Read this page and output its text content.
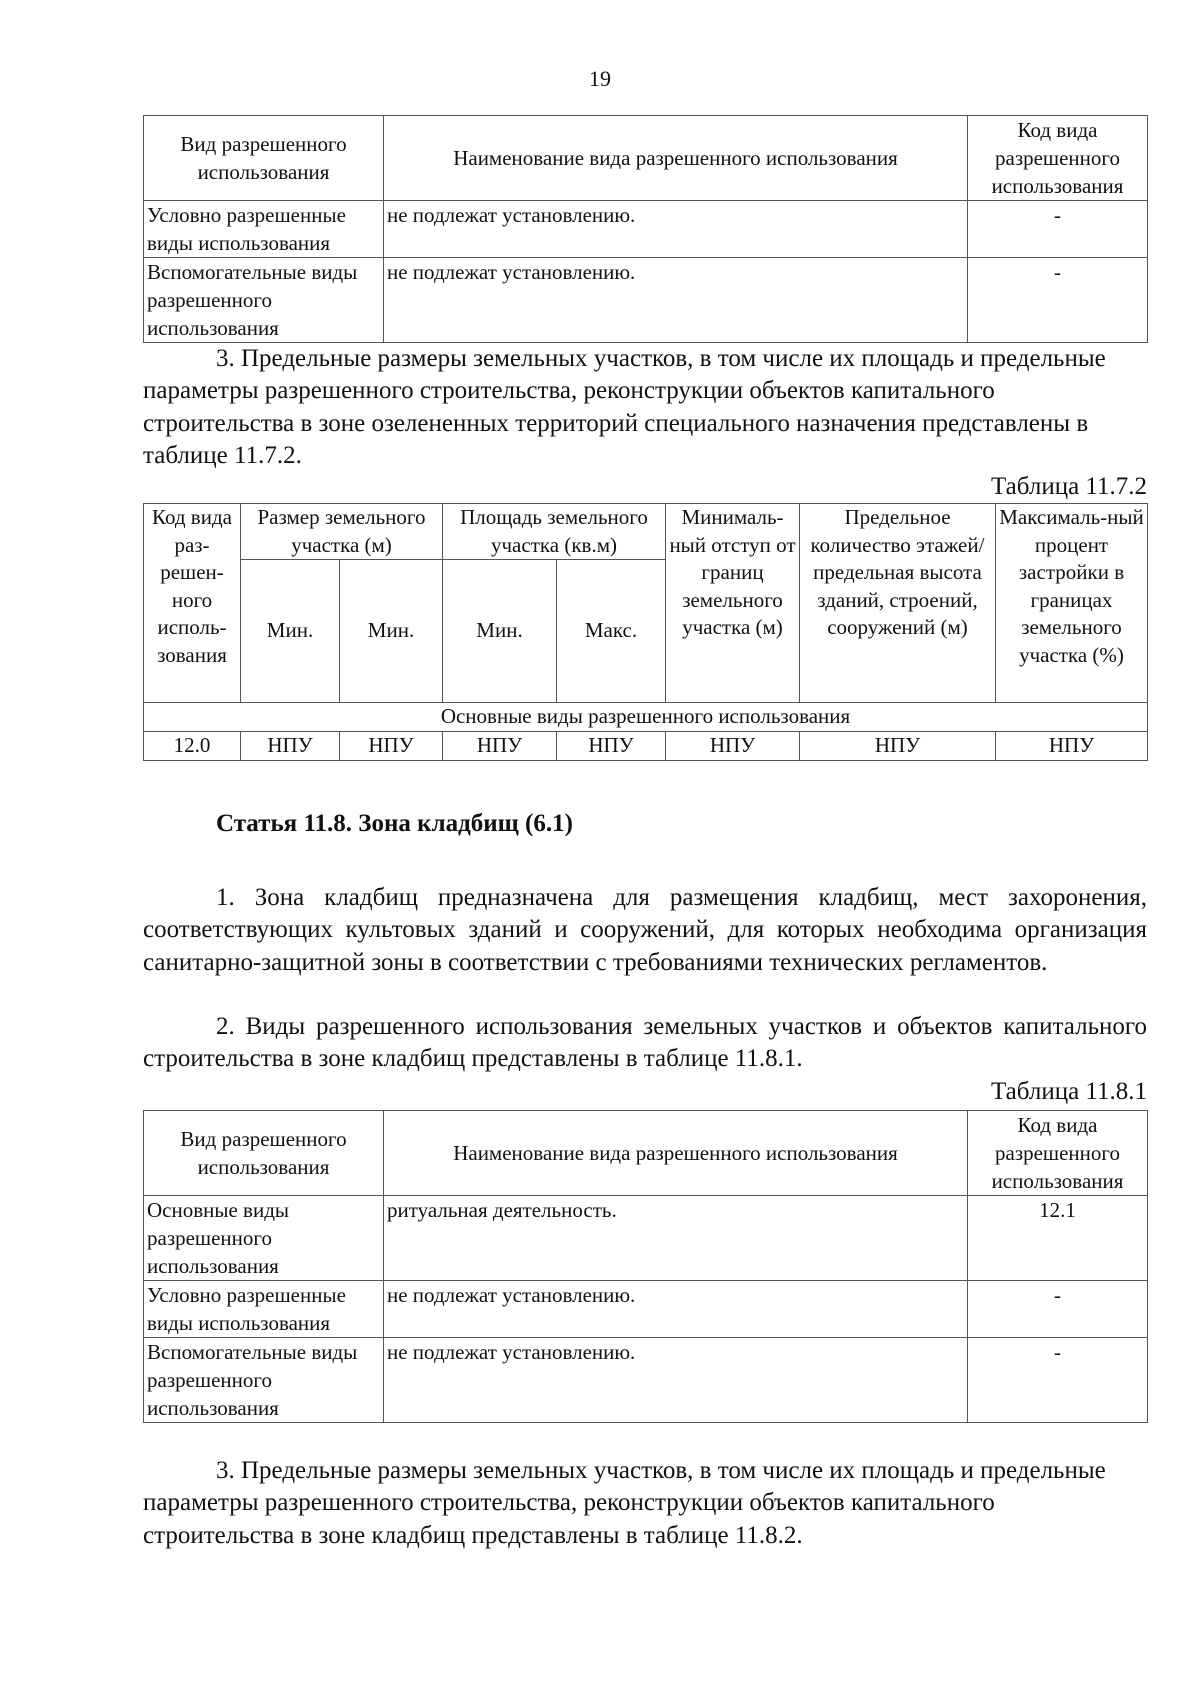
19
Вид разрешенного использования	Наименование вида разрешенного использования	Код вида разрешенного использования
Условно разрешенные виды использования	не подлежат установлению.	-
Вспомогательные виды разрешенного использования	не подлежат установлению.	-

3. Предельные размеры земельных участков, в том числе их площадь и предельные параметры разрешенного строительства, реконструкции объектов капитального строительства в зоне озелененных территорий специального назначения представлены в таблице 11.7.2.

Таблица 11.7.2
Код вида раз-решен-ного исполь-зования	Размер земельного участка (м)		Площадь земельного участка (кв.м)		Минималь-ный отступ от границ земельного участка (м)	Предельное количество этажей/ предельная высота зданий, строений, сооружений (м)	Максималь-ный процент застройки в границах земельного участка (%)
	Мин.	Мин.	Мин.	Макс.			
Основные виды разрешенного использования							
12.0	НПУ	НПУ	НПУ	НПУ	НПУ	НПУ	НПУ
Статья 11.8. Зона кладбищ (6.1)

1. Зона кладбищ предназначена для размещения кладбищ, мест захоронения, соответствующих культовых зданий и сооружений, для которых необходима организация санитарно-защитной зоны в соответствии с требованиями технических регламентов.

2. Виды разрешенного использования земельных участков и объектов капитального строительства в зоне кладбищ представлены в таблице 11.8.1.

Таблица 11.8.1
Вид разрешенного использования	Наименование вида разрешенного использования	Код вида разрешенного использования
Основные виды разрешенного использования	ритуальная деятельность.	12.1
Условно разрешенные виды использования	не подлежат установлению.	-
Вспомогательные виды разрешенного использования	не подлежат установлению.	-

3. Предельные размеры земельных участков, в том числе их площадь и предельные параметры разрешенного строительства, реконструкции объектов капитального строительства в зоне кладбищ представлены в таблице 11.8.2.
